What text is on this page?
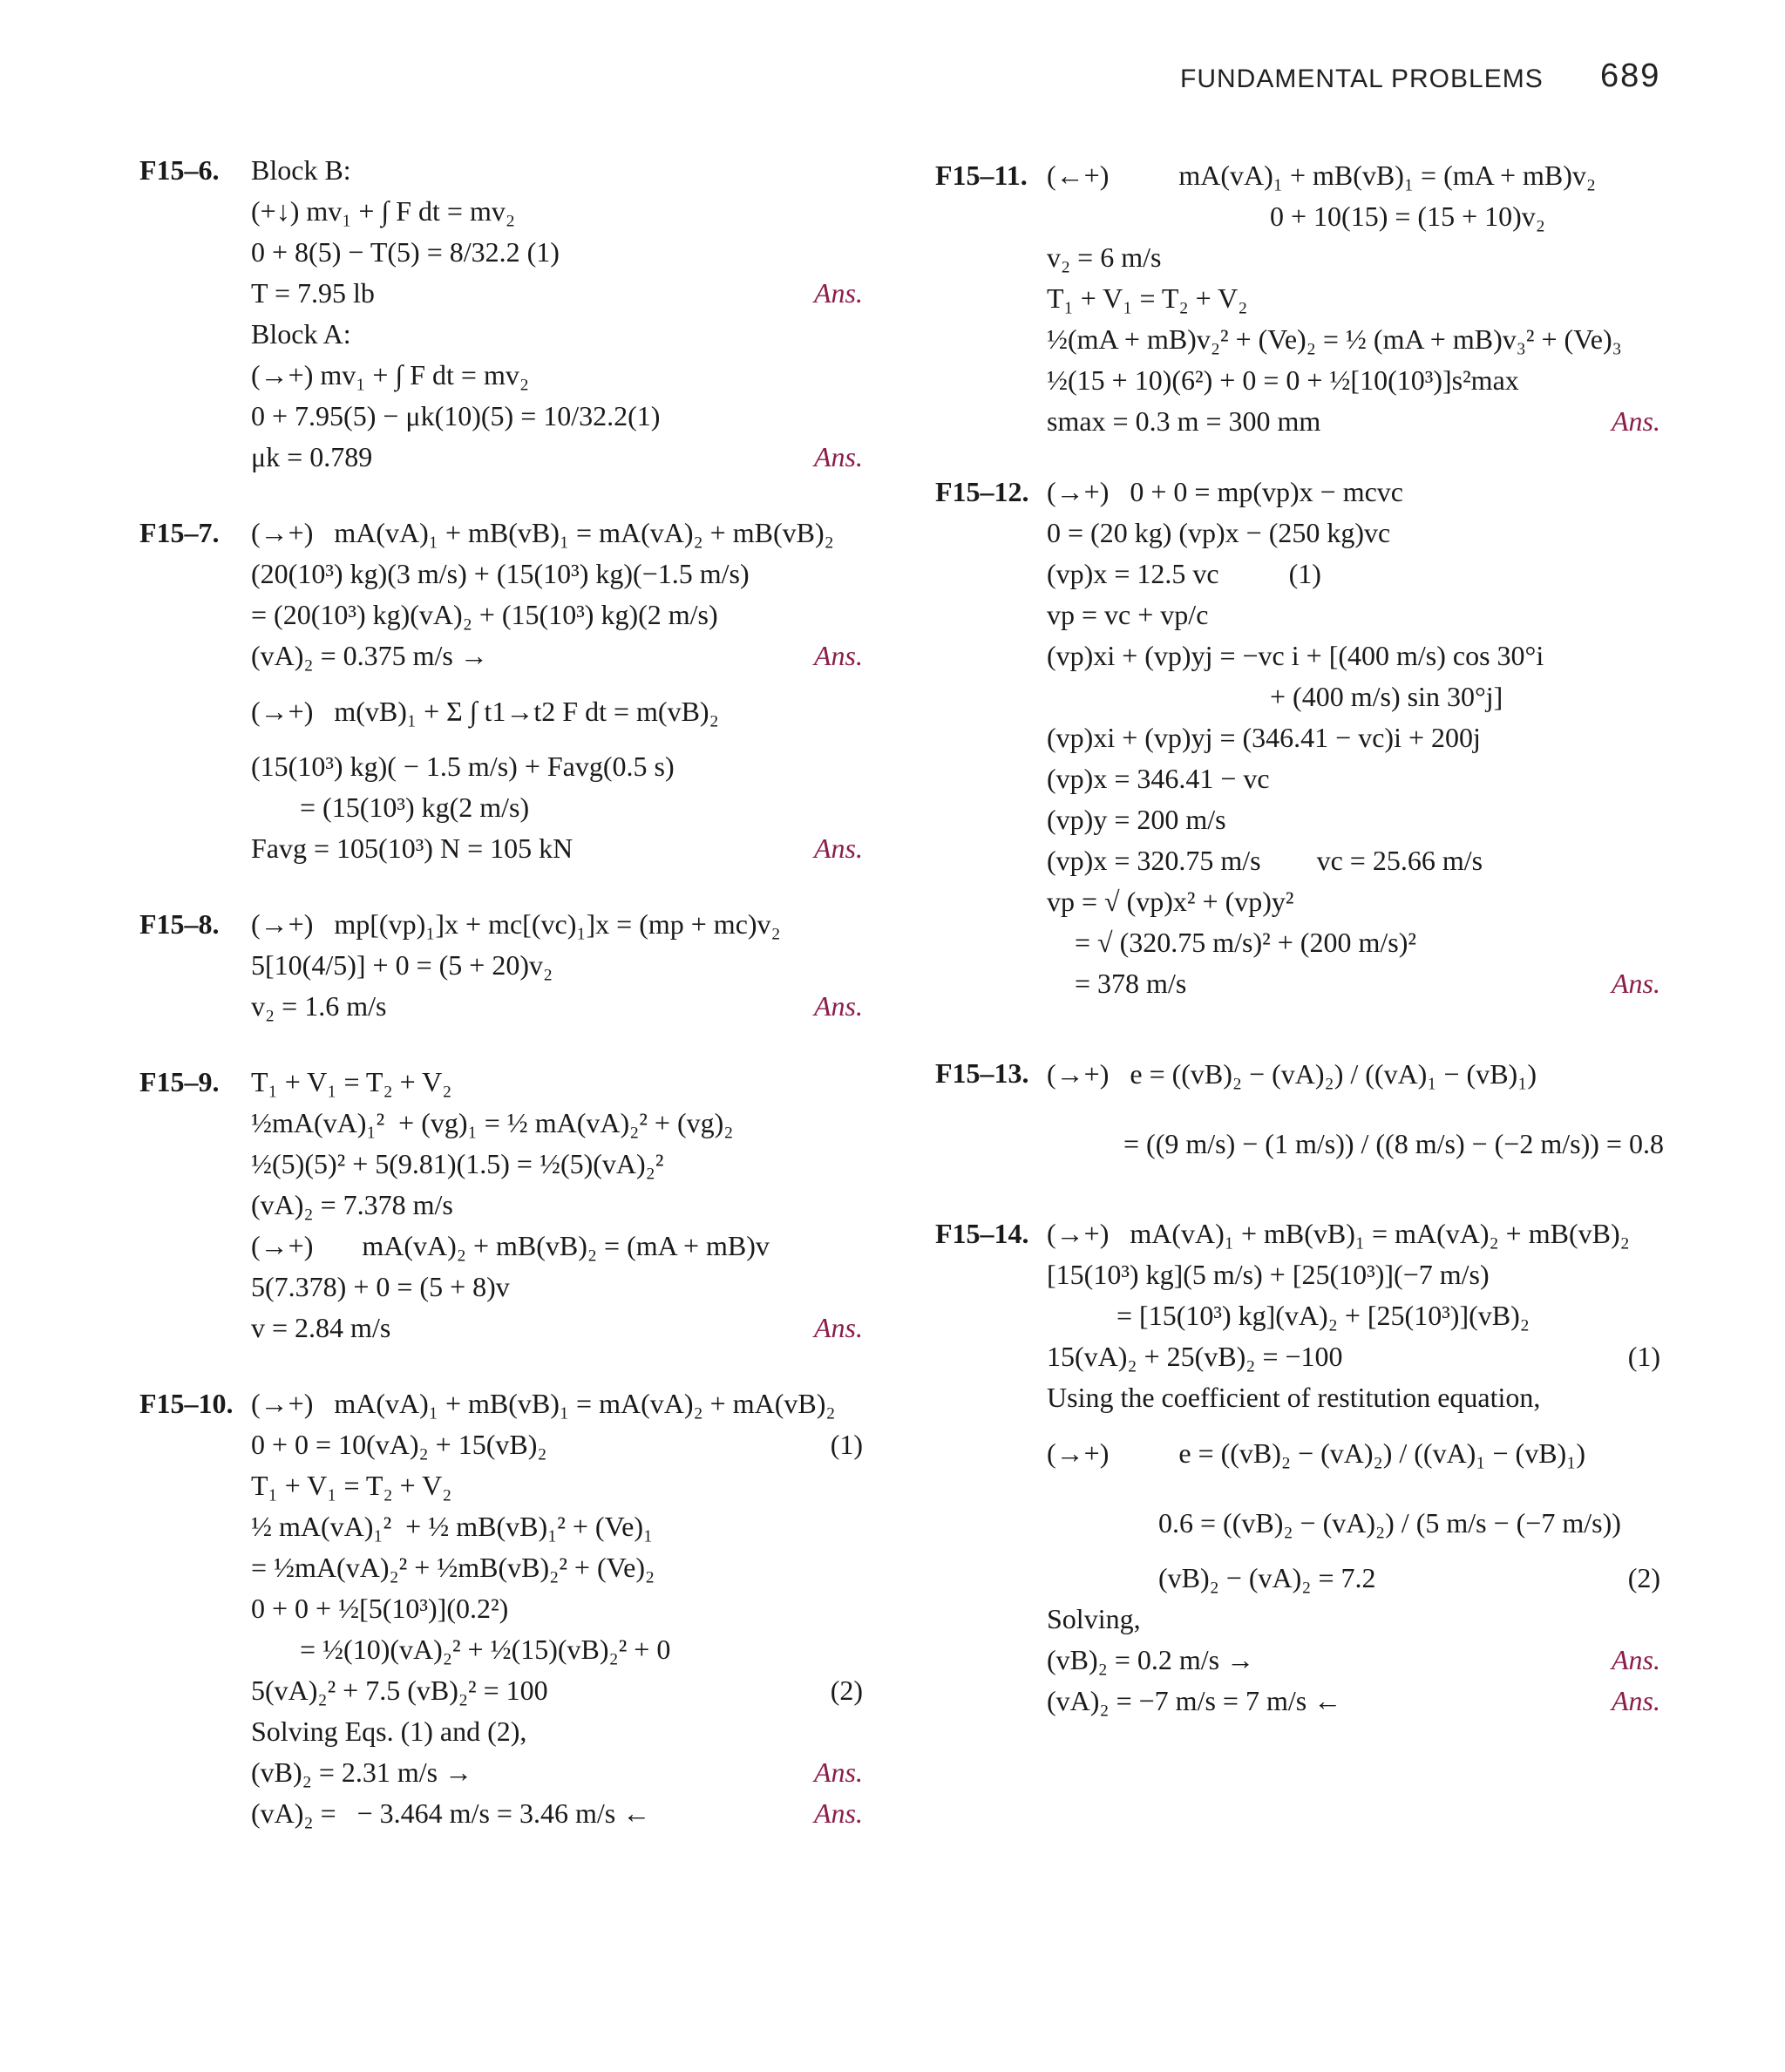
FUNDAMENTAL PROBLEMS 689
F15–6. Block B:
(+↓) mv₁ + ∫ F dt = mv₂
0 + 8(5) − T(5) = 8/32.2 (1)
T = 7.95 lb	Ans.
Block A:
(→+) mv₁ + ∫ F dt = mv₂
0 + 7.95(5) − μk(10)(5) = 10/32.2(1)
μk = 0.789	Ans.
F15–7. (→+)   mA(vA)₁ + mB(vB)₁ = mA(vA)₂ + mB(vB)₂
(20(10³) kg)(3 m/s) + (15(10³) kg)(−1.5 m/s)
= (20(10³) kg)(vA)₂ + (15(10³) kg)(2 m/s)
(vA)₂ = 0.375 m/s →	Ans.
(→+)   m(vB)₁ + Σ ∫ t1→t2 F dt = m(vB)₂
(15(10³) kg)( − 1.5 m/s) + Favg(0.5 s)
= (15(10³) kg(2 m/s)
Favg = 105(10³) N = 105 kN	Ans.
F15–8. (→+)   mp[(vp)₁]x + mc[(vc)₁]x = (mp + mc)v₂
5[10(4/5)] + 0 = (5 + 20)v₂
v₂ = 1.6 m/s	Ans.
F15–9. T₁ + V₁ = T₂ + V₂
½mA(vA)₁²  + (vg)₁ = ½ mA(vA)₂² + (vg)₂
½(5)(5)² + 5(9.81)(1.5) = ½(5)(vA)₂²
(vA)₂ = 7.378 m/s
(→+)       mA(vA)₂ + mB(vB)₂ = (mA + mB)v
5(7.378) + 0 = (5 + 8)v
v = 2.84 m/s	Ans.
F15–10. (→+)   mA(vA)₁ + mB(vB)₁ = mA(vA)₂ + mA(vB)₂
0 + 0 = 10(vA)₂ + 15(vB)₂	(1)
T₁ + V₁ = T₂ + V₂
½ mA(vA)₁²  + ½ mB(vB)₁² + (Ve)₁
= ½mA(vA)₂² + ½mB(vB)₂² + (Ve)₂
0 + 0 + ½[5(10³)](0.2²)
= ½(10)(vA)₂² + ½(15)(vB)₂² + 0
5(vA)₂² + 7.5 (vB)₂² = 100	(2)
Solving Eqs. (1) and (2),
(vB)₂ = 2.31 m/s →	Ans.
(vA)₂ =   − 3.464 m/s = 3.46 m/s ←	Ans.
F15–11. (←+)          mA(vA)₁ + mB(vB)₁ = (mA + mB)v₂
0 + 10(15) = (15 + 10)v₂
v₂ = 6 m/s
T₁ + V₁ = T₂ + V₂
½(mA + mB)v₂² + (Ve)₂ = ½ (mA + mB)v₃² + (Ve)₃
½(15 + 10)(6²) + 0 = 0 + ½[10(10³)]s²max
smax = 0.3 m = 300 mm	Ans.
F15–12. (→+)   0 + 0 = mp(vp)x − mcvc
0 = (20 kg) (vp)x − (250 kg)vc
(vp)x = 12.5 vc          (1)
vp = vc + vp/c
(vp)xi + (vp)yj = −vc i + [(400 m/s) cos 30°i
+ (400 m/s) sin 30°j]
(vp)xi + (vp)yj = (346.41 − vc)i + 200j
(vp)x = 346.41 − vc
(vp)y = 200 m/s
(vp)x = 320.75 m/s        vc = 25.66 m/s
vp = √ (vp)x² + (vp)y²
= √ (320.75 m/s)² + (200 m/s)²
= 378 m/s	Ans.
F15–13. (→+)   e = ((vB)₂ − (vA)₂) / ((vA)₁ − (vB)₁)
= ((9 m/s) − (1 m/s)) / ((8 m/s) − (−2 m/s)) = 0.8
F15–14. (→+)   mA(vA)₁ + mB(vB)₁ = mA(vA)₂ + mB(vB)₂
[15(10³) kg](5 m/s) + [25(10³)](−7 m/s)
= [15(10³) kg](vA)₂ + [25(10³)](vB)₂
15(vA)₂ + 25(vB)₂ = −100	(1)
Using the coefficient of restitution equation,
(→+)          e = ((vB)₂ − (vA)₂) / ((vA)₁ − (vB)₁)
0.6 = ((vB)₂ − (vA)₂) / (5 m/s − (−7 m/s))
(vB)₂ − (vA)₂ = 7.2	(2)
Solving,
(vB)₂ = 0.2 m/s →	Ans.
(vA)₂ = −7 m/s = 7 m/s ←	Ans.
